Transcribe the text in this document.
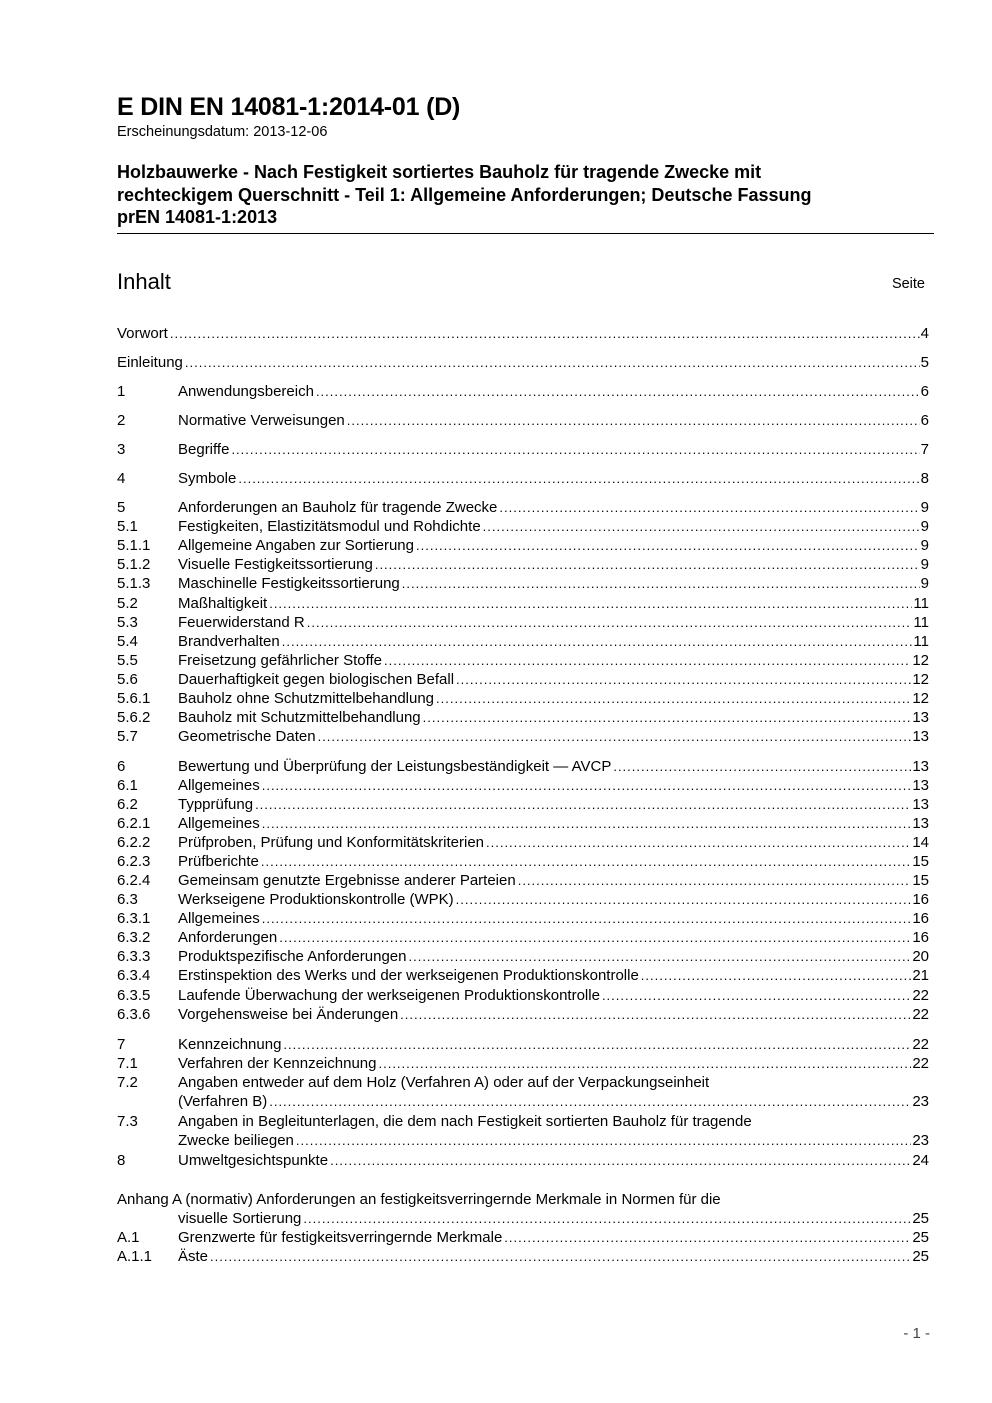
E DIN EN 14081-1:2014-01 (D)
Erscheinungsdatum: 2013-12-06
Holzbauwerke - Nach Festigkeit sortiertes Bauholz für tragende Zwecke mit
rechteckigem Querschnitt - Teil 1: Allgemeine Anforderungen; Deutsche Fassung
prEN 14081-1:2013
Inhalt	Seite
Vorwort .....	4
Einleitung .....	5
1	Anwendungsbereich .....	6
2	Normative Verweisungen .....	6
3	Begriffe .....	7
4	Symbole .....	8
5	Anforderungen an Bauholz für tragende Zwecke .....	9
5.1	Festigkeiten, Elastizitätsmodul und Rohdichte .....	9
5.1.1 Allgemeine Angaben zur Sortierung .....	9
5.1.2 Visuelle Festigkeitssortierung .....	9
5.1.3 Maschinelle Festigkeitssortierung .....	9
5.2	Maßhaltigkeit .....	11
5.3	Feuerwiderstand R .....	11
5.4	Brandverhalten .....	11
5.5	Freisetzung gefährlicher Stoffe .....	12
5.6	Dauerhaftigkeit gegen biologischen Befall .....	12
5.6.1 Bauholz ohne Schutzmittelbehandlung .....	12
5.6.2 Bauholz mit Schutzmittelbehandlung .....	13
5.7	Geometrische Daten .....	13
6	Bewertung und Überprüfung der Leistungsbeständigkeit — AVCP .....	13
6.1	Allgemeines .....	13
6.2	Typprüfung .....	13
6.2.1 Allgemeines .....	13
6.2.2 Prüfproben, Prüfung und Konformitätskriterien .....	14
6.2.3 Prüfberichte .....	15
6.2.4 Gemeinsam genutzte Ergebnisse anderer Parteien .....	15
6.3	Werkseigene Produktionskontrolle (WPK) .....	16
6.3.1 Allgemeines .....	16
6.3.2 Anforderungen .....	16
6.3.3 Produktspezifische Anforderungen .....	20
6.3.4 Erstinspektion des Werks und der werkseigenen Produktionskontrolle .....	21
6.3.5 Laufende Überwachung der werkseigenen Produktionskontrolle .....	22
6.3.6 Vorgehensweise bei Änderungen .....	22
7	Kennzeichnung .....	22
7.1	Verfahren der Kennzeichnung .....	22
7.2	Angaben entweder auf dem Holz (Verfahren A) oder auf der Verpackungseinheit
(Verfahren B) .....	23
7.3	Angaben in Begleitunterlagen, die dem nach Festigkeit sortierten Bauholz für tragende
Zwecke beiliegen .....	23
8	Umweltgesichtspunkte .....	24
Anhang A (normativ) Anforderungen an festigkeitsverringernde Merkmale in Normen für die
visuelle Sortierung .....	25
A.1	Grenzwerte für festigkeitsverringernde Merkmale .....	25
A.1.1 Äste .....	25
- 1 -
